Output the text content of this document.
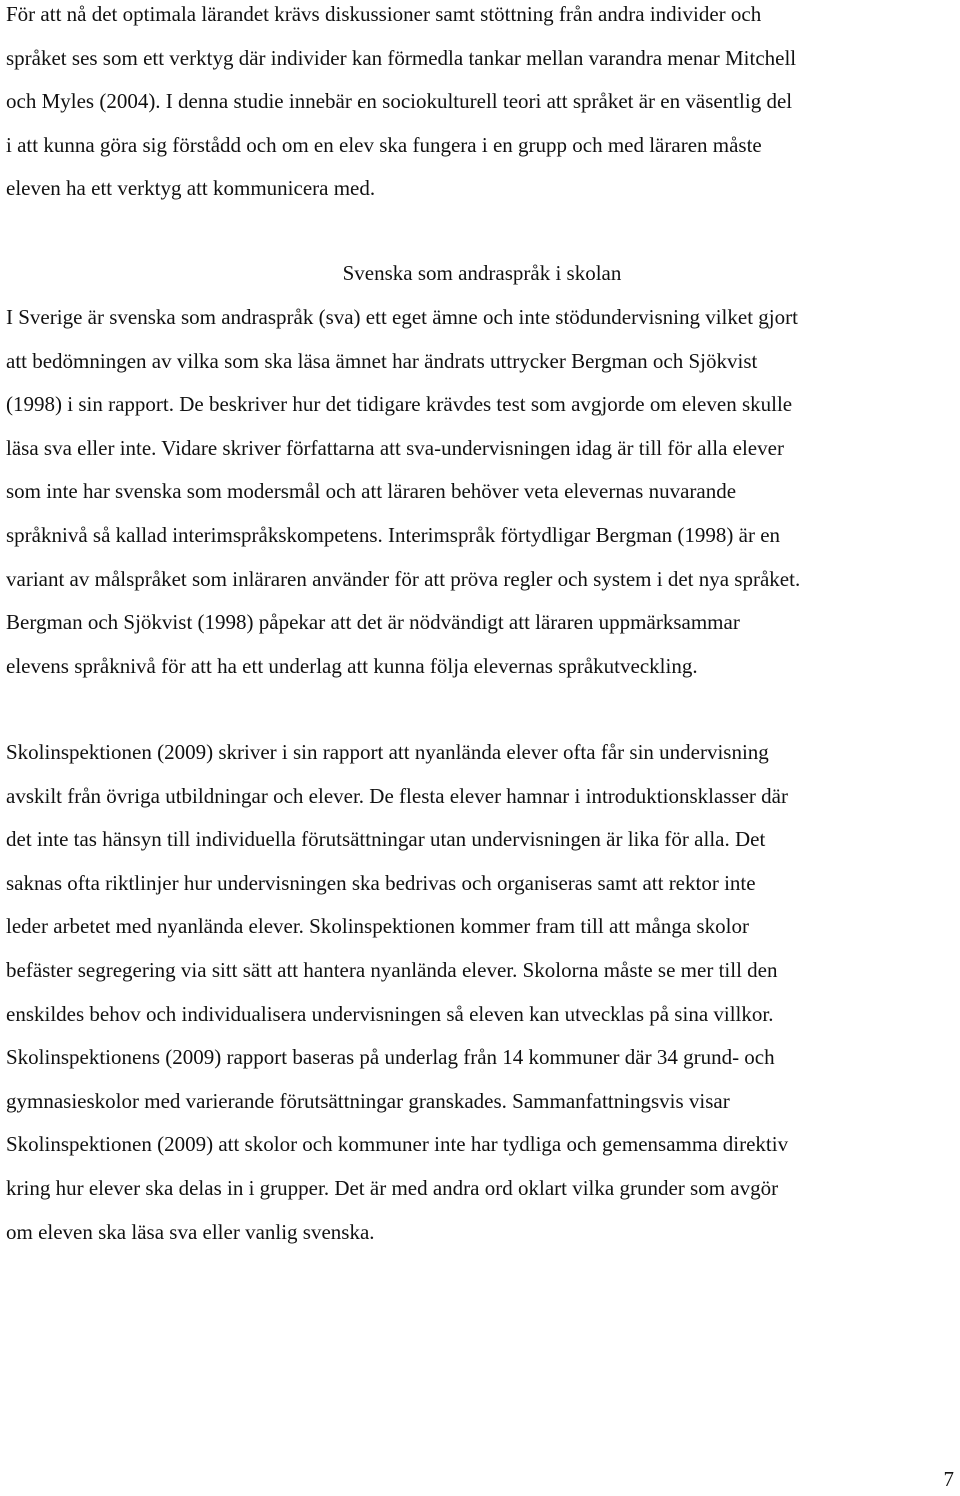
För att nå det optimala lärandet krävs diskussioner samt stöttning från andra individer och
språket ses som ett verktyg där individer kan förmedla tankar mellan varandra menar Mitchell
och Myles (2004). I denna studie innebär en sociokulturell teori att språket är en väsentlig del
i att kunna göra sig förstådd och om en elev ska fungera i en grupp och med läraren måste
eleven ha ett verktyg att kommunicera med.

Svenska som andraspråk i skolan

I Sverige är svenska som andraspråk (sva) ett eget ämne och inte stödundervisning vilket gjort
att bedömningen av vilka som ska läsa ämnet har ändrats uttrycker Bergman och Sjökvist
(1998) i sin rapport. De beskriver hur det tidigare krävdes test som avgjorde om eleven skulle
läsa sva eller inte. Vidare skriver författarna att sva-undervisningen idag är till för alla elever
som inte har svenska som modersmål och att läraren behöver veta elevernas nuvarande
språknivå så kallad interimspråkskompetens. Interimspråk förtydligar Bergman (1998) är en
variant av målspråket som inläraren använder för att pröva regler och system i det nya språket.
Bergman och Sjökvist (1998) påpekar att det är nödvändigt att läraren uppmärksammar
elevens språknivå för att ha ett underlag att kunna följa elevernas språkutveckling.

Skolinspektionen (2009) skriver i sin rapport att nyanlända elever ofta får sin undervisning
avskilt från övriga utbildningar och elever. De flesta elever hamnar i introduktionsklasser där
det inte tas hänsyn till individuella förutsättningar utan undervisningen är lika för alla. Det
saknas ofta riktlinjer hur undervisningen ska bedrivas och organiseras samt att rektor inte
leder arbetet med nyanlända elever. Skolinspektionen kommer fram till att många skolor
befäster segregering via sitt sätt att hantera nyanlända elever. Skolorna måste se mer till den
enskildes behov och individualisera undervisningen så eleven kan utvecklas på sina villkor.
Skolinspektionens (2009) rapport baseras på underlag från 14 kommuner där 34 grund- och
gymnasieskolor med varierande förutsättningar granskades. Sammanfattningsvis visar
Skolinspektionen (2009) att skolor och kommuner inte har tydliga och gemensamma direktiv
kring hur elever ska delas in i grupper. Det är med andra ord oklart vilka grunder som avgör
om eleven ska läsa sva eller vanlig svenska.

7
